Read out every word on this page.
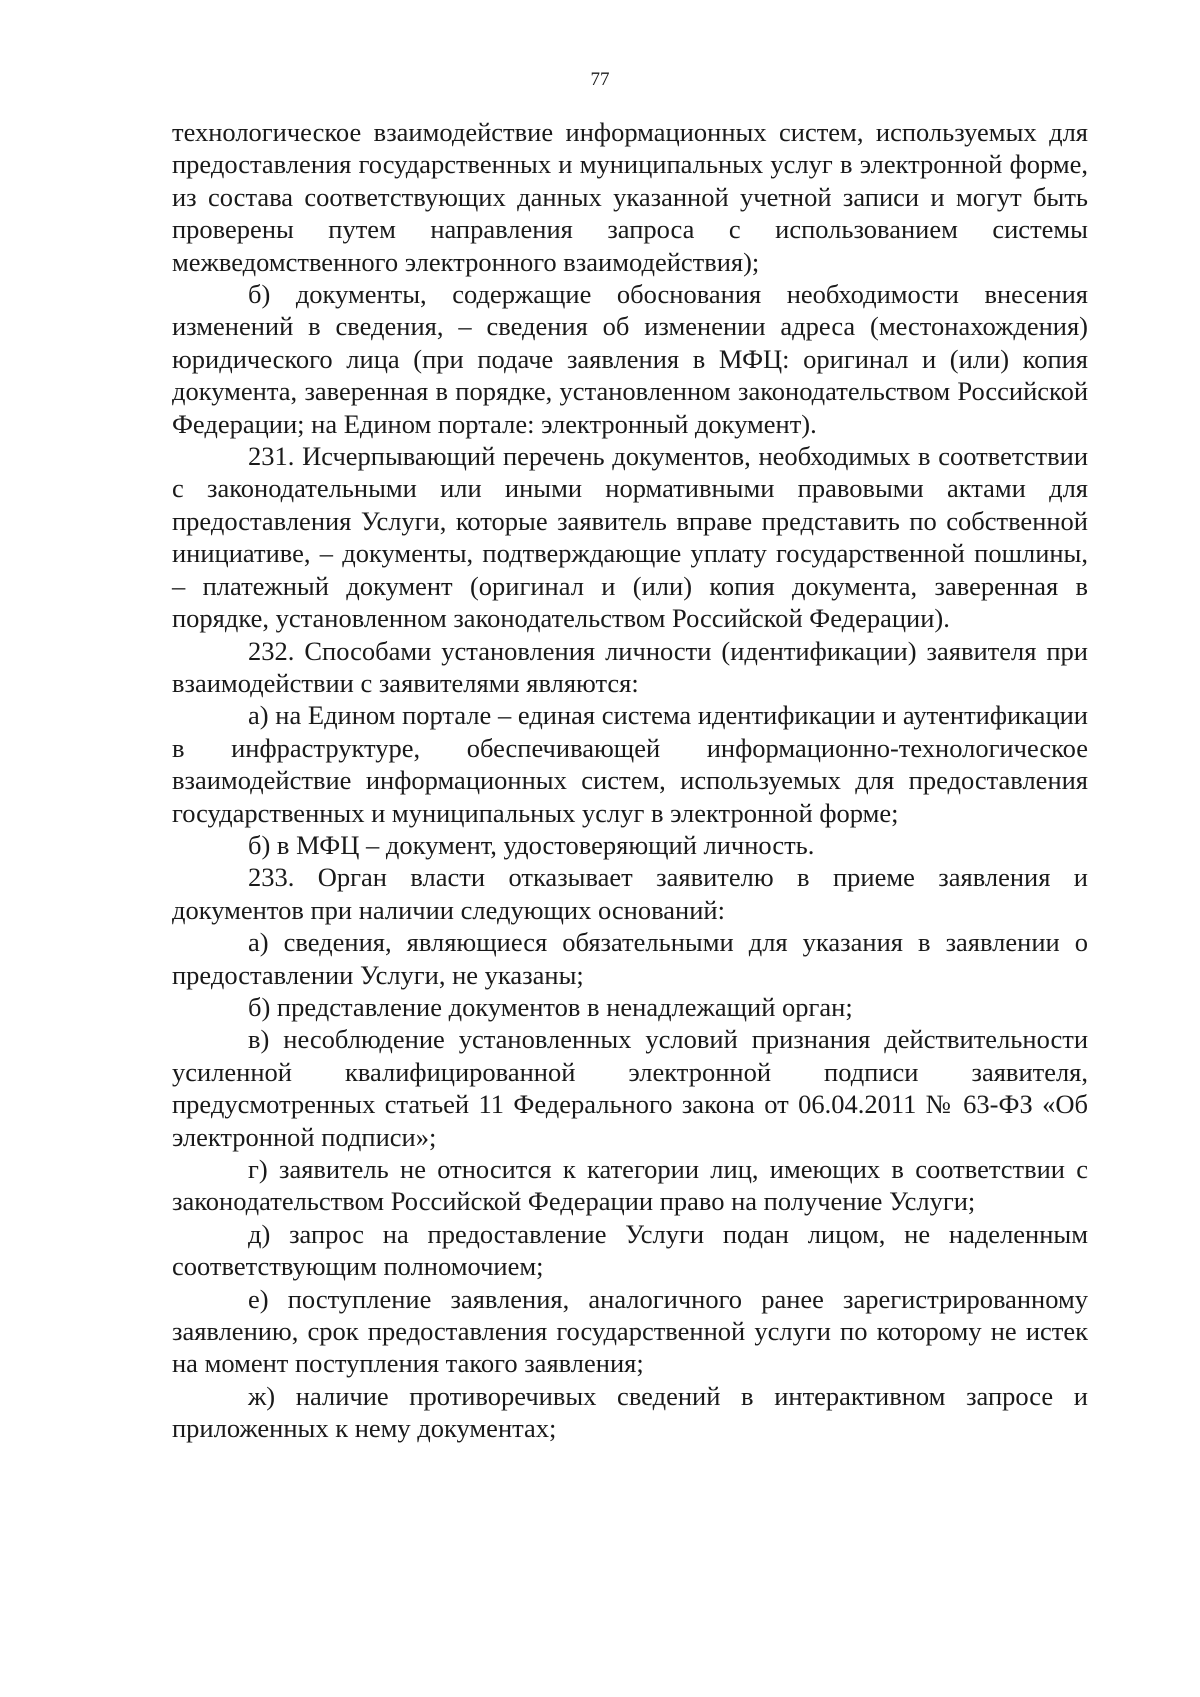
77

технологическое взаимодействие информационных систем, используемых для предоставления государственных и муниципальных услуг в электронной форме, из состава соответствующих данных указанной учетной записи и могут быть проверены путем направления запроса с использованием системы межведомственного электронного взаимодействия);

б) документы, содержащие обоснования необходимости внесения изменений в сведения, – сведения об изменении адреса (местонахождения) юридического лица (при подаче заявления в МФЦ: оригинал и (или) копия документа, заверенная в порядке, установленном законодательством Российской Федерации; на Едином портале: электронный документ).

231. Исчерпывающий перечень документов, необходимых в соответствии с законодательными или иными нормативными правовыми актами для предоставления Услуги, которые заявитель вправе представить по собственной инициативе, – документы, подтверждающие уплату государственной пошлины, – платежный документ (оригинал и (или) копия документа, заверенная в порядке, установленном законодательством Российской Федерации).

232. Способами установления личности (идентификации) заявителя при взаимодействии с заявителями являются:

а) на Едином портале – единая система идентификации и аутентификации в инфраструктуре, обеспечивающей информационно-технологическое взаимодействие информационных систем, используемых для предоставления государственных и муниципальных услуг в электронной форме;

б) в МФЦ – документ, удостоверяющий личность.

233. Орган власти отказывает заявителю в приеме заявления и документов при наличии следующих оснований:

а) сведения, являющиеся обязательными для указания в заявлении о предоставлении Услуги, не указаны;

б) представление документов в ненадлежащий орган;

в) несоблюдение установленных условий признания действительности усиленной квалифицированной электронной подписи заявителя, предусмотренных статьей 11 Федерального закона от 06.04.2011 № 63-ФЗ «Об электронной подписи»;

г) заявитель не относится к категории лиц, имеющих в соответствии с законодательством Российской Федерации право на получение Услуги;

д) запрос на предоставление Услуги подан лицом, не наделенным соответствующим полномочием;

е) поступление заявления, аналогичного ранее зарегистрированному заявлению, срок предоставления государственной услуги по которому не истек на момент поступления такого заявления;

ж) наличие противоречивых сведений в интерактивном запросе и приложенных к нему документах;
